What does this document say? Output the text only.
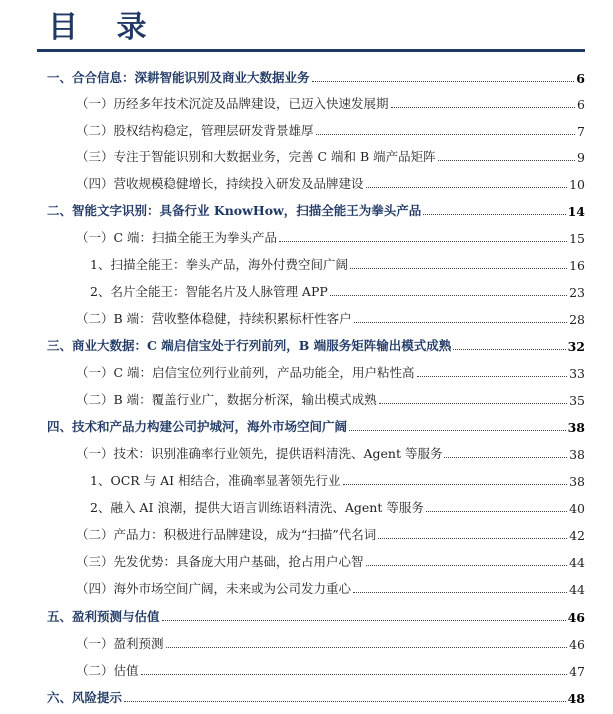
目 录
一、合合信息：深耕智能识别及商业大数据业务	6
（一）历经多年技术沉淀及品牌建设，已迈入快速发展期	6
（二）股权结构稳定，管理层研发背景雄厚	7
（三）专注于智能识别和大数据业务，完善 C 端和 B 端产品矩阵	9
（四）营收规模稳健增长，持续投入研发及品牌建设	10
二、智能文字识别：具备行业 KnowHow，扫描全能王为拳头产品	14
（一）C 端：扫描全能王为拳头产品	15
1、扫描全能王：拳头产品，海外付费空间广阔	16
2、名片全能王：智能名片及人脉管理 APP	23
（二）B 端：营收整体稳健，持续积累标杆性客户	28
三、商业大数据：C 端启信宝处于行列前列，B 端服务矩阵输出模式成熟	32
（一）C 端：启信宝位列行业前列，产品功能全，用户粘性高	33
（二）B 端：覆盖行业广，数据分析深，输出模式成熟	35
四、技术和产品力构建公司护城河，海外市场空间广阔	38
（一）技术：识别准确率行业领先，提供语料清洗、Agent 等服务	38
1、OCR 与 AI 相结合，准确率显著领先行业	38
2、融入 AI 浪潮，提供大语言训练语料清洗、Agent 等服务	40
（二）产品力：积极进行品牌建设，成为“扫描”代名词	42
（三）先发优势：具备庞大用户基础，抢占用户心智	44
（四）海外市场空间广阔，未来或为公司发力重心	44
五、盈利预测与估值	46
（一）盈利预测	46
（二）估值	47
六、风险提示	48
